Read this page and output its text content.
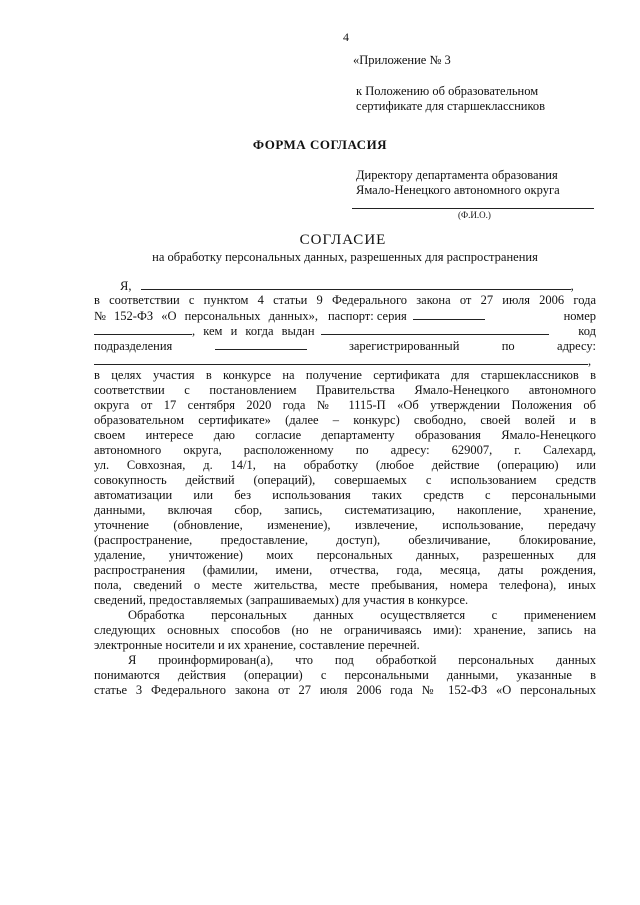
4
«Приложение № 3
к Положению об образовательном
сертификате для старшеклассников
ФОРМА СОГЛАСИЯ
Директору департамента образования
Ямало-Ненецкого автономного округа
(Ф.И.О.)
СОГЛАСИЕ
на обработку персональных данных, разрешенных для распространения
Я,	,
в соответствии с пунктом 4 статьи 9 Федерального закона от 27 июля 2006 года
№ 152-ФЗ «О персональных данных», паспорт: серия	номер
, кем и когда выдан	код
подразделения	зарегистрированный	по	адресу:
,
в целях участия в конкурсе на получение сертификата для старшеклассников в
соответствии с постановлением Правительства Ямало-Ненецкого автономного
округа от 17 сентября 2020 года № 1115-П «Об утверждении Положения об
образовательном сертификате» (далее – конкурс) свободно, своей волей и в
своем интересе даю согласие департаменту образования Ямало-Ненецкого
автономного округа, расположенному по адресу: 629007, г. Салехард,
ул. Совхозная, д. 14/1, на обработку (любое действие (операцию) или
совокупность действий (операций), совершаемых с использованием средств
автоматизации или без использования таких средств с персональными
данными, включая сбор, запись, систематизацию, накопление, хранение,
уточнение (обновление, изменение), извлечение, использование, передачу
(распространение, предоставление, доступ), обезличивание, блокирование,
удаление, уничтожение) моих персональных данных, разрешенных для
распространения (фамилии, имени, отчества, года, месяца, даты рождения,
пола, сведений о месте жительства, месте пребывания, номера телефона), иных
сведений, предоставляемых (запрашиваемых) для участия в конкурсе.
Обработка персональных данных осуществляется с применением
следующих основных способов (но не ограничиваясь ими): хранение, запись на
электронные носители и их хранение, составление перечней.
Я проинформирован(а), что под обработкой персональных данных
понимаются действия (операции) с персональными данными, указанные в
статье 3 Федерального закона от 27 июля 2006 года № 152-ФЗ «О персональных
